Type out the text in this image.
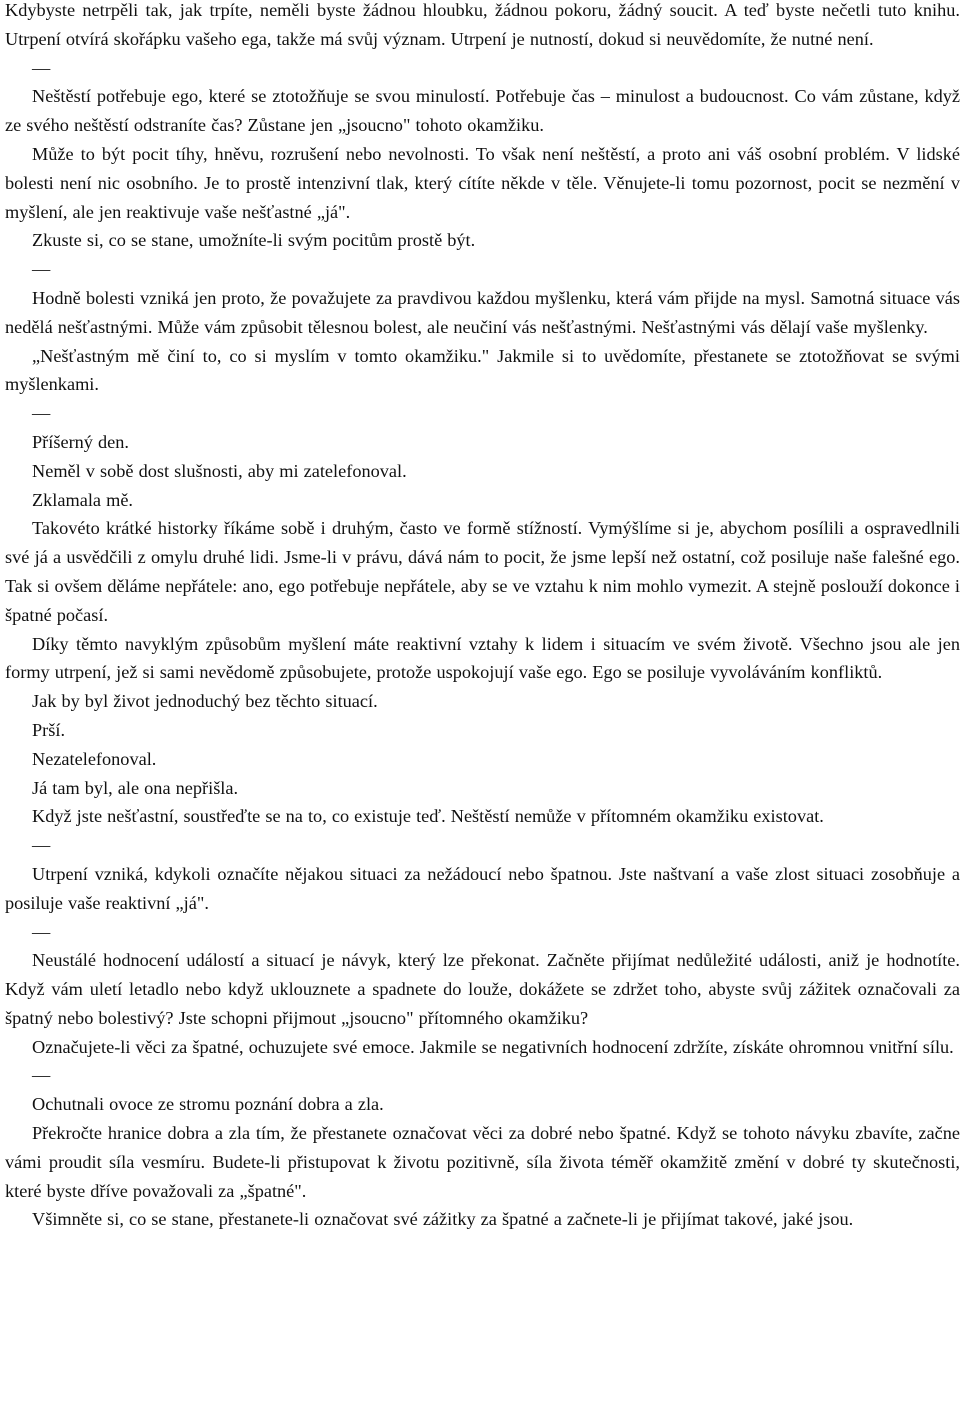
Kdybyste netrpěli tak, jak trpíte, neměli byste žádnou hloubku, žádnou pokoru, žádný soucit. A teď byste nečetli tuto knihu. Utrpení otvírá skořápku vašeho ega, takže má svůj význam. Utrpení je nutností, dokud si neuvědomíte, že nutné není.

—

Neštěstí potřebuje ego, které se ztotožňuje se svou minulostí. Potřebuje čas – minulost a budoucnost. Co vám zůstane, když ze svého neštěstí odstraníte čas? Zůstane jen „jsoucno" tohoto okamžiku.

Může to být pocit tíhy, hněvu, rozrušení nebo nevolnosti. To však není neštěstí, a proto ani váš osobní problém. V lidské bolesti není nic osobního. Je to prostě intenzivní tlak, který cítíte někde v těle. Věnujete-li tomu pozornost, pocit se nezmění v myšlení, ale jen reaktivuje vaše nešťastné „já".

Zkuste si, co se stane, umožníte-li svým pocitům prostě být.

—

Hodně bolesti vzniká jen proto, že považujete za pravdivou každou myšlenku, která vám přijde na mysl. Samotná situace vás nedělá nešťastnými. Může vám způsobit tělesnou bolest, ale neučiní vás nešťastnými. Nešťastnými vás dělají vaše myšlenky.

„Nešťastným mě činí to, co si myslím v tomto okamžiku." Jakmile si to uvědomíte, přestanete se ztotožňovat se svými myšlenkami.

—

Příšerný den.

Neměl v sobě dost slušnosti, aby mi zatelefonoval.

Zklamala mě.

Takovéto krátké historky říkáme sobě i druhým, často ve formě stížností. Vymýšlíme si je, abychom posílili a ospravedlnili své já a usvědčili z omylu druhé lidi. Jsme-li v právu, dává nám to pocit, že jsme lepší než ostatní, což posiluje naše falešné ego. Tak si ovšem děláme nepřátele: ano, ego potřebuje nepřátele, aby se ve vztahu k nim mohlo vymezit. A stejně poslouží dokonce i špatné počasí.

Díky těmto navyklým způsobům myšlení máte reaktivní vztahy k lidem i situacím ve svém životě. Všechno jsou ale jen formy utrpení, jež si sami nevědomě způsobujete, protože uspokojují vaše ego. Ego se posiluje vyvoláváním konfliktů.

Jak by byl život jednoduchý bez těchto situací.

Prší.

Nezatelefonoval.

Já tam byl, ale ona nepřišla.

Když jste nešťastní, soustřeďte se na to, co existuje teď. Neštěstí nemůže v přítomném okamžiku existovat.

—

Utrpení vzniká, kdykoli označíte nějakou situaci za nežádoucí nebo špatnou. Jste naštvaní a vaše zlost situaci zosobňuje a posiluje vaše reaktivní „já".

—

Neustálé hodnocení událostí a situací je návyk, který lze překonat. Začněte přijímat nedůležité události, aniž je hodnotíte. Když vám uletí letadlo nebo když uklouznete a spadnete do louže, dokážete se zdržet toho, abyste svůj zážitek označovali za špatný nebo bolestivý? Jste schopni přijmout „jsoucno" přítomného okamžiku?

Označujete-li věci za špatné, ochuzujete své emoce. Jakmile se negativních hodnocení zdržíte, získáte ohromnou vnitřní sílu.

—

Ochutnali ovoce ze stromu poznání dobra a zla.

Překročte hranice dobra a zla tím, že přestanete označovat věci za dobré nebo špatné. Když se tohoto návyku zbavíte, začne vámi proudit síla vesmíru. Budete-li přistupovat k životu pozitivně, síla života téměř okamžitě změní v dobré ty skutečnosti, které byste dříve považovali za „špatné".

Všimněte si, co se stane, přestanete-li označovat své zážitky za špatné a začnete-li je přijímat takové, jaké jsou.
